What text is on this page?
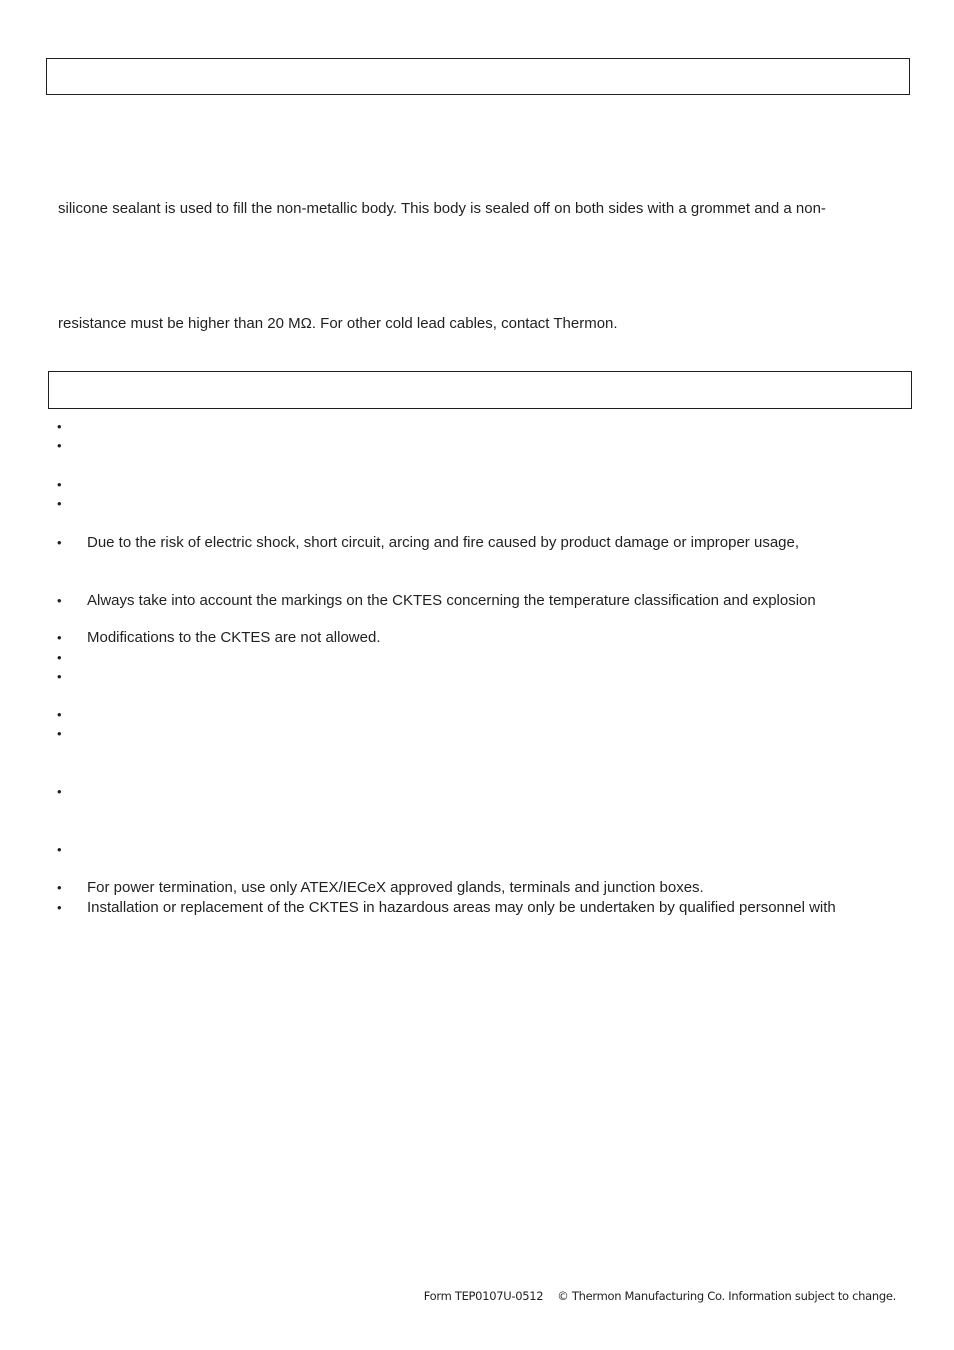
silicone sealant is used to fill the non-metallic body. This body is sealed off on both sides with a grommet and a non-
resistance must be higher than 20 MΩ. For other cold lead cables, contact Thermon.
•
•
•
•
• Due to the risk of electric shock, short circuit, arcing and fire caused by product damage or improper usage,
• Always take into account the markings on the CKTES concerning the temperature classification and explosion
• Modifications to the CKTES are not allowed.
•
•
•
•
•
•
• For power termination, use only ATEX/IECeX approved glands, terminals and junction boxes.
• Installation or replacement of the CKTES in hazardous areas may only be undertaken by qualified personnel with
Form TEP0107U-0512 © Thermon Manufacturing Co. Information subject to change.
